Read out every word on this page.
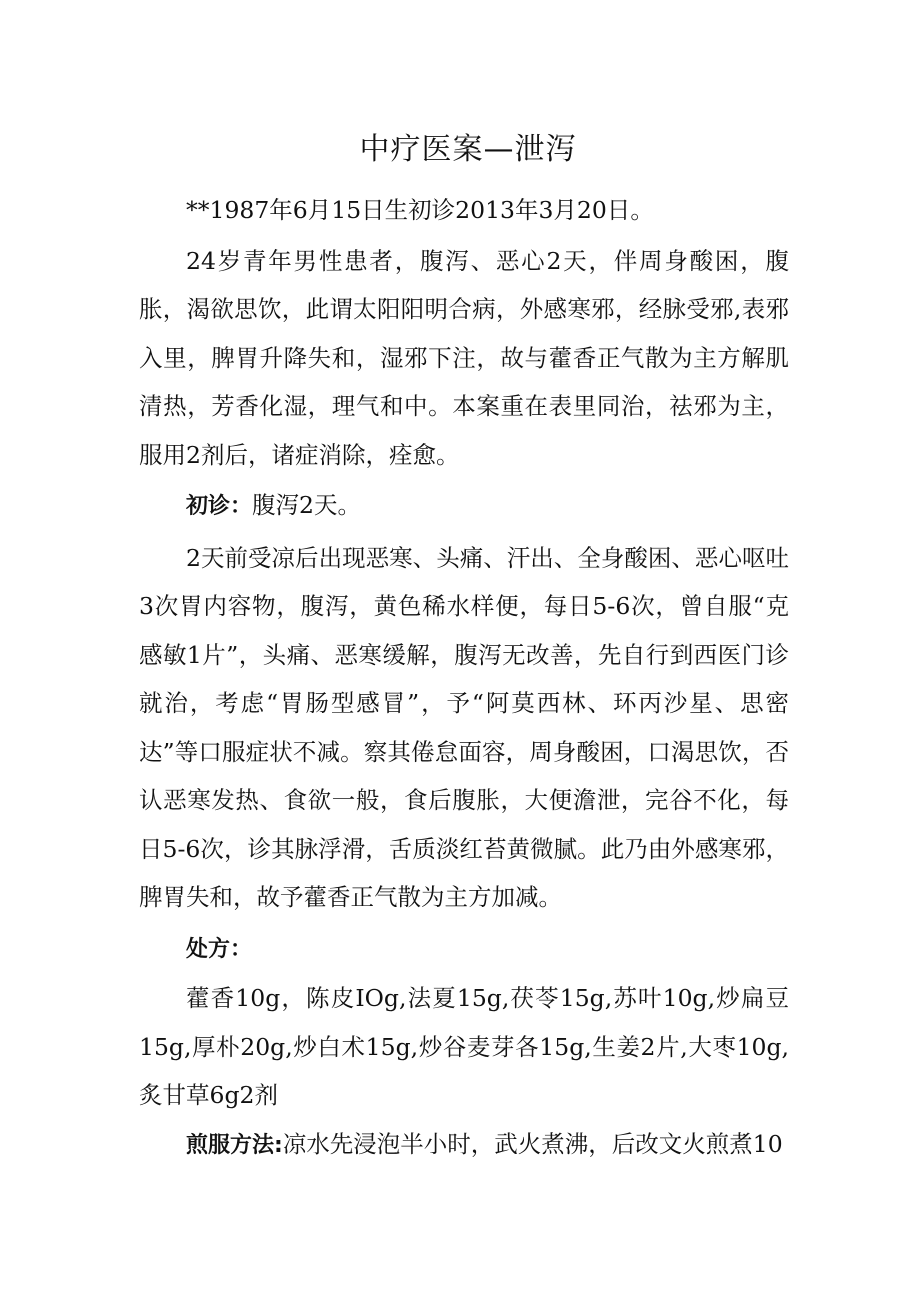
中疗医案—泄泻

**1987年6月15日生初诊2013年3月20日。

24岁青年男性患者，腹泻、恶心2天，伴周身酸困，腹胀，渴欲思饮，此谓太阳阳明合病，外感寒邪，经脉受邪,表邪入里，脾胃升降失和，湿邪下注，故与藿香正气散为主方解肌清热，芳香化湿，理气和中。本案重在表里同治，祛邪为主，服用2剂后，诸症消除，痊愈。

初诊：腹泻2天。

2天前受凉后出现恶寒、头痛、汗出、全身酸困、恶心呕吐3次胃内容物，腹泻，黄色稀水样便，每日5-6次，曾自服“克感敏1片”，头痛、恶寒缓解，腹泻无改善，先自行到西医门诊就治，考虑“胃肠型感冒”，予“阿莫西林、环丙沙星、思密达”等口服症状不减。察其倦怠面容，周身酸困，口渴思饮，否认恶寒发热、食欲一般，食后腹胀，大便澹泄，完谷不化，每日5-6次，诊其脉浮滑，舌质淡红苔黄微腻。此乃由外感寒邪，脾胃失和，故予藿香正气散为主方加减。

处方：

藿香10g，陈皮IOg,法夏15g,茯苓15g,苏叶10g,炒扁豆15g,厚朴20g,炒白术15g,炒谷麦芽各15g,生姜2片,大枣10g,炙甘草6g2剂

煎服方法:凉水先浸泡半小时，武火煮沸，后改文火煎煮10
